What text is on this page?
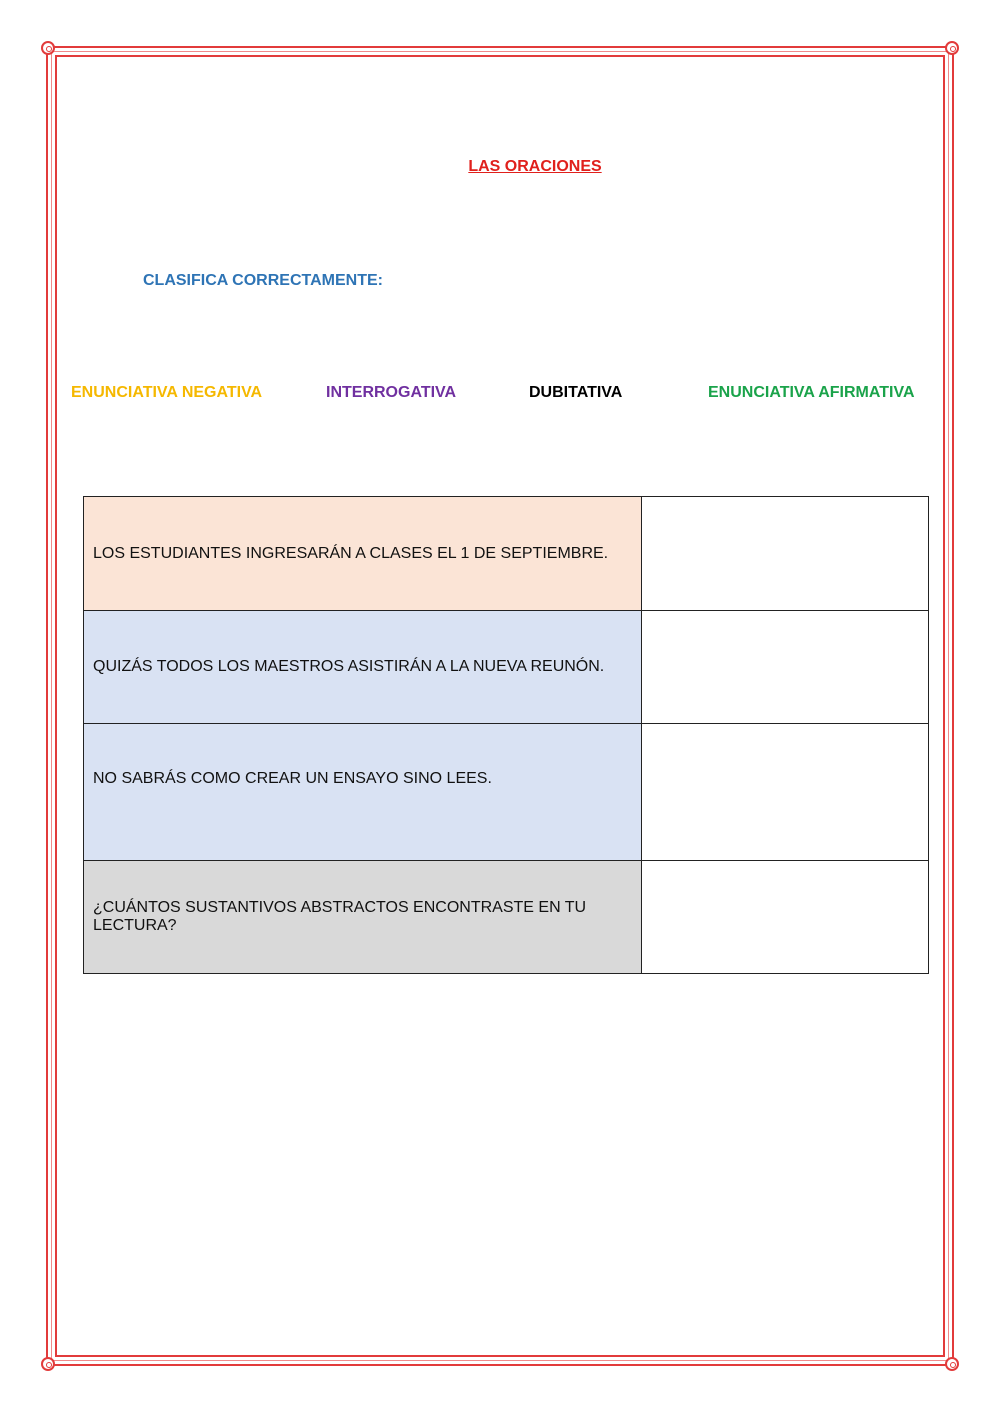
LAS ORACIONES
CLASIFICA CORRECTAMENTE:
ENUNCIATIVA NEGATIVA	INTERROGATIVA	DUBITATIVA	ENUNCIATIVA AFIRMATIVA
LOS ESTUDIANTES INGRESARÁN A CLASES EL 1 DE SEPTIEMBRE.	
QUIZÁS TODOS LOS MAESTROS ASISTIRÁN A LA NUEVA REUNÓN.	
NO SABRÁS COMO CREAR UN ENSAYO SINO LEES.	
¿CUÁNTOS SUSTANTIVOS ABSTRACTOS ENCONTRASTE EN TU LECTURA?	
